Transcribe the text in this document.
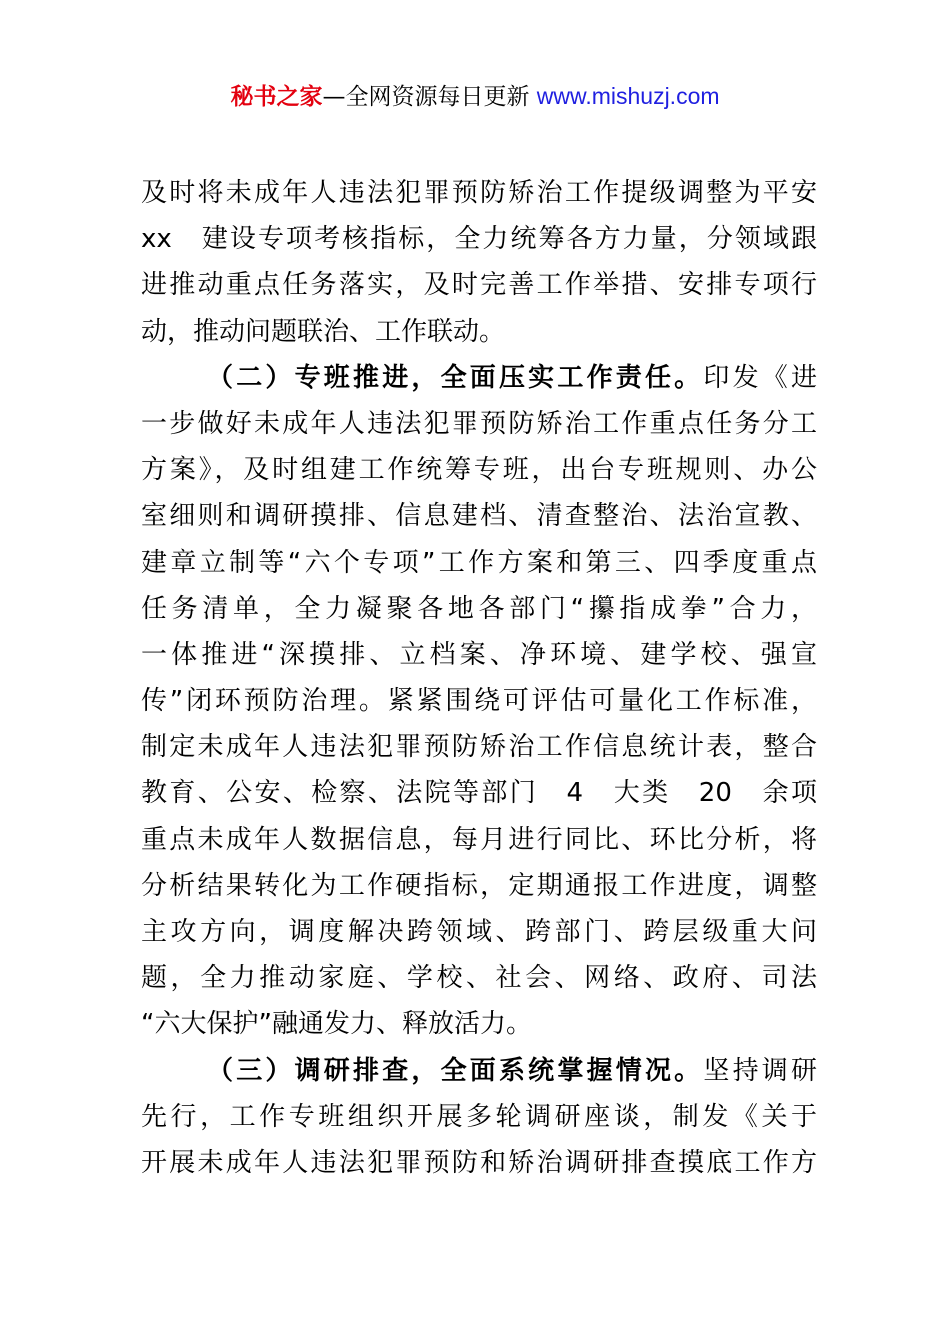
秘书之家—全网资源每日更新 www.mishuzj.com
及时将未成年人违法犯罪预防矫治工作提级调整为平安
xx　建设专项考核指标，全力统筹各方力量，分领域跟
进推动重点任务落实，及时完善工作举措、安排专项行
动，推动问题联治、工作联动。
（二）专班推进，全面压实工作责任。印发《进
一步做好未成年人违法犯罪预防矫治工作重点任务分工
方案》，及时组建工作统筹专班，出台专班规则、办公
室细则和调研摸排、信息建档、清查整治、法治宣教、
建章立制等“六个专项”工作方案和第三、四季度重点
任务清单，全力凝聚各地各部门“攥指成拳”合力，
一体推进“深摸排、立档案、净环境、建学校、强宣
传”闭环预防治理。紧紧围绕可评估可量化工作标准，
制定未成年人违法犯罪预防矫治工作信息统计表，整合
教育、公安、检察、法院等部门　4　大类　20　余项
重点未成年人数据信息，每月进行同比、环比分析，将
分析结果转化为工作硬指标，定期通报工作进度，调整
主攻方向，调度解决跨领域、跨部门、跨层级重大问
题，全力推动家庭、学校、社会、网络、政府、司法
“六大保护”融通发力、释放活力。
（三）调研排查，全面系统掌握情况。坚持调研
先行，工作专班组织开展多轮调研座谈，制发《关于
开展未成年人违法犯罪预防和矫治调研排查摸底工作方
